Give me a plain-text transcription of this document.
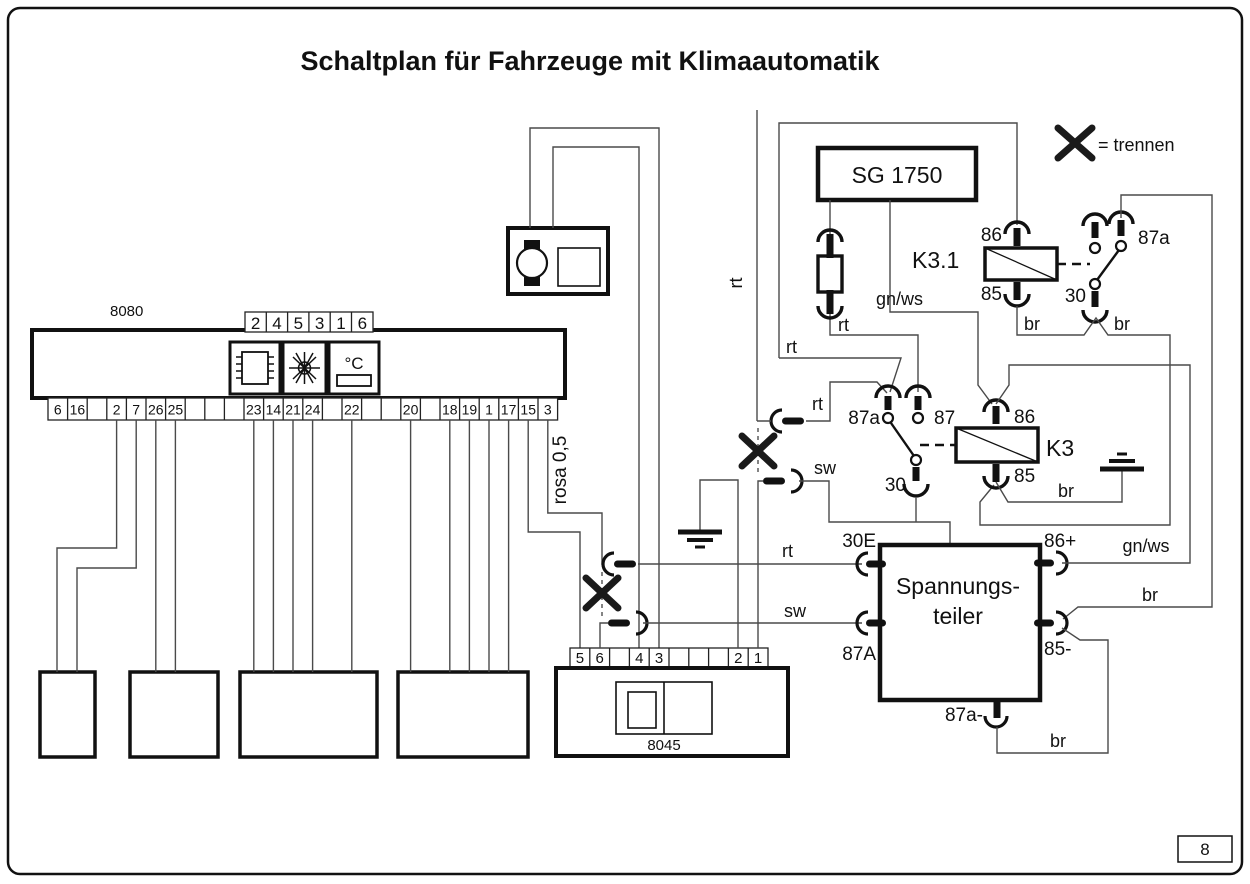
Schaltplan für Fahrzeuge mit Klimaautomatik
= trennen
8
8080
2 4 5 3 1 6
°C
6 16 2 7 26 25	23 14 21 24 22	20 18 19 1 17 15 3
rosa 0,5
5 6 4 3	2 1
8045
rt
sw
rt
sw
rt
rt
SG 1750
rt
gn/ws
K3.1
86
85
87a
30
br	br
K3
86
85
87a	87
30	br
Spannungs-
teiler
30E
87A
86+
85-
87a-
gn/ws
br
br
